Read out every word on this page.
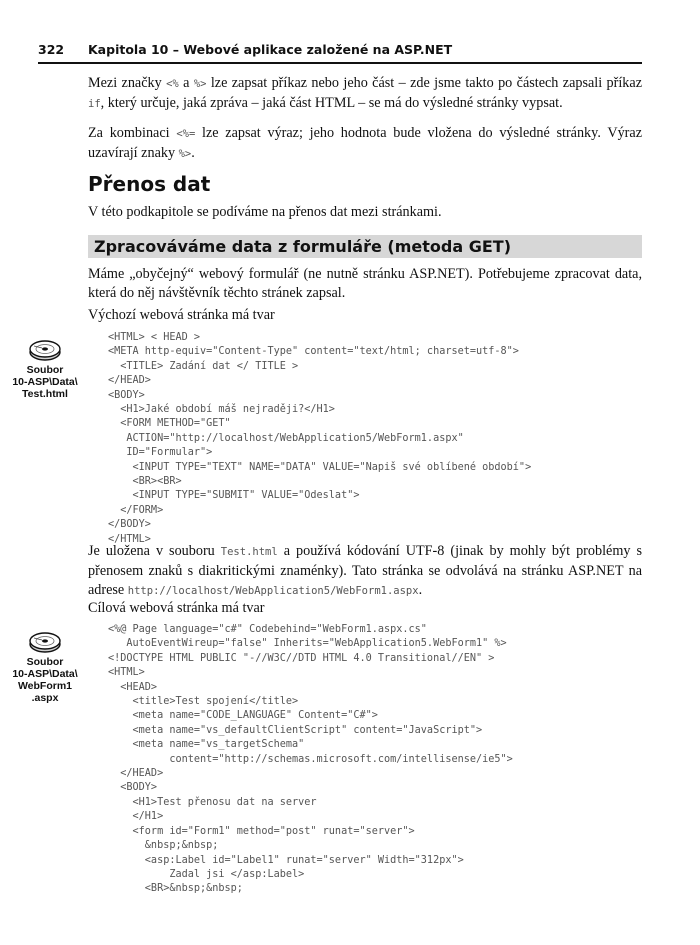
322 Kapitola 10 – Webové aplikace založené na ASP.NET
Mezi značky <% a %> lze zapsat příkaz nebo jeho část – zde jsme takto po částech zapsali příkaz if, který určuje, jaká zpráva – jaká část HTML – se má do výsledné stránky vypsat.
Za kombinaci <%= lze zapsat výraz; jeho hodnota bude vložena do výsledné stránky. Výraz uzavírají znaky %>.
Přenos dat
V této podkapitole se podíváme na přenos dat mezi stránkami.
Zpracováváme data z formuláře (metoda GET)
Máme „obyčejný“ webový formulář (ne nutně stránku ASP.NET). Potřebujeme zpracovat data, která do něj návštěvník těchto stránek zapsal.
Výchozí webová stránka má tvar
Soubor
10-ASP\Data\
Test.html
<HTML> < HEAD >
<META http-equiv="Content-Type" content="text/html; charset=utf-8">
<TITLE> Zadání dat </ TITLE >
</HEAD>
<BODY>
<H1>Jaké období máš nejraději?</H1>
<FORM METHOD="GET"
ACTION="http://localhost/WebApplication5/WebForm1.aspx"
ID="Formular">
<INPUT TYPE="TEXT" NAME="DATA" VALUE="Napiš své oblíbené období">
<BR><BR>
<INPUT TYPE="SUBMIT" VALUE="Odeslat">
</FORM>
</BODY>
</HTML>
Je uložena v souboru Test.html a používá kódování UTF-8 (jinak by mohly být problémy s přenosem znaků s diakritickými znaménky). Tato stránka se odvolává na stránku ASP.NET na adrese http://localhost/WebApplication5/WebForm1.aspx.
Cílová webová stránka má tvar
Soubor
10-ASP\Data\
WebForm1
.aspx
<%@ Page language="c#" Codebehind="WebForm1.aspx.cs"
AutoEventWireup="false" Inherits="WebApplication5.WebForm1" %>
<!DOCTYPE HTML PUBLIC "-//W3C//DTD HTML 4.0 Transitional//EN" >
<HTML>
<HEAD>
<title>Test spojení</title>
<meta name="CODE_LANGUAGE" Content="C#">
<meta name="vs_defaultClientScript" content="JavaScript">
<meta name="vs_targetSchema"
content="http://schemas.microsoft.com/intellisense/ie5">
</HEAD>
<BODY>
<H1>Test přenosu dat na server
</H1>
<form id="Form1" method="post" runat="server">
&nbsp;&nbsp;
<asp:Label id="Label1" runat="server" Width="312px">
Zadal jsi </asp:Label>
<BR>&nbsp;&nbsp;
